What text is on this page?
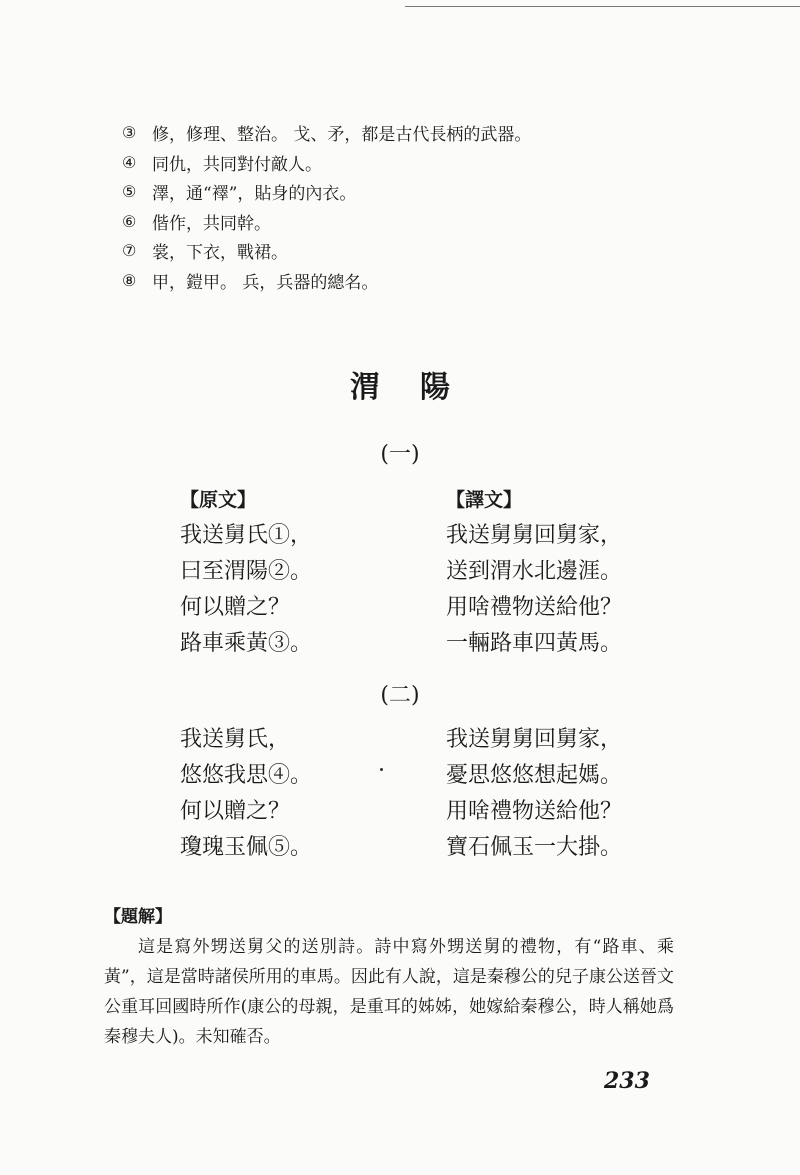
③ 修，修理、整治。 戈、矛，都是古代長柄的武器。
④ 同仇，共同對付敵人。
⑤ 澤，通“襗”，貼身的內衣。
⑥ 偕作，共同幹。
⑦ 裳，下衣，戰裙。
⑧ 甲，鎧甲。 兵，兵器的總名。
渭陽
(一)
【原文】
我送舅氏①，
曰至渭陽②。
何以贈之？
路車乘黃③。
【譯文】
我送舅舅回舅家，
送到渭水北邊涯。
用啥禮物送給他？
一輛路車四黃馬。
(二)
我送舅氏，
悠悠我思④。
何以贈之？
瓊瑰玉佩⑤。
我送舅舅回舅家，
憂思悠悠想起媽。
用啥禮物送給他？
寶石佩玉一大掛。
【題解】
這是寫外甥送舅父的送別詩。詩中寫外甥送舅的禮物，有“路車、乘黃”，這是當時諸侯所用的車馬。因此有人說，這是秦穆公的兒子康公送晉文公重耳回國時所作(康公的母親，是重耳的姊姊，她嫁給秦穆公，時人稱她爲秦穆夫人)。未知確否。
233
